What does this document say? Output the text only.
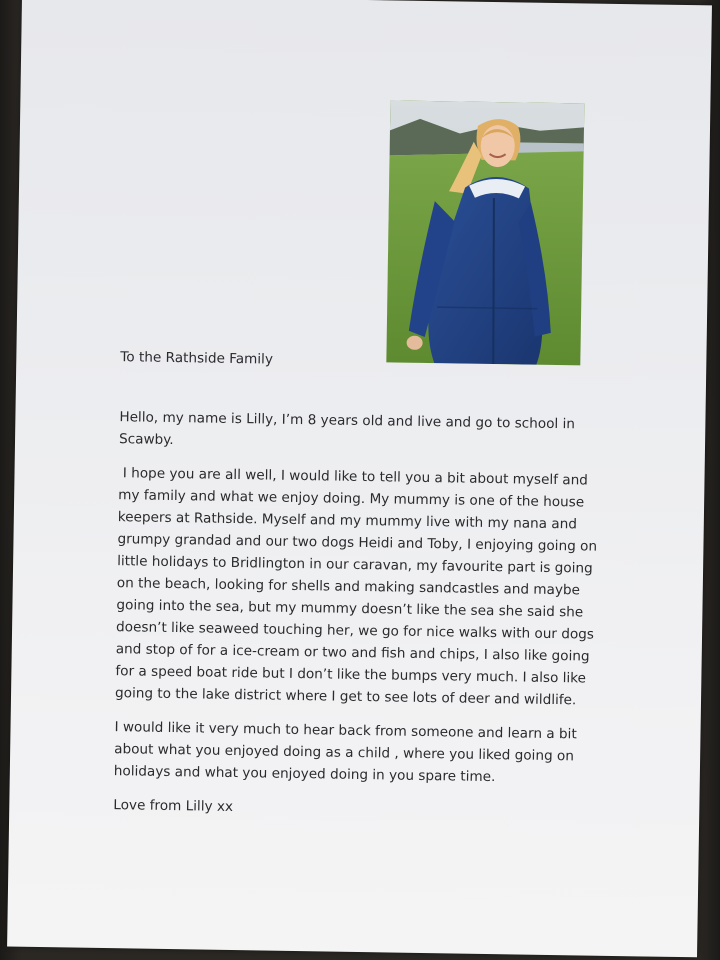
To the Rathside Family

Hello, my name is Lilly, I’m 8 years old and live and go to school in Scawby.

I hope you are all well, I would like to tell you a bit about myself and my family and what we enjoy doing. My mummy is one of the house keepers at Rathside. Myself and my mummy live with my nana and grumpy grandad and our two dogs Heidi and Toby, I enjoying going on little holidays to Bridlington in our caravan, my favourite part is going on the beach, looking for shells and making sandcastles and maybe going into the sea, but my mummy doesn’t like the sea she said she doesn’t like seaweed touching her, we go for nice walks with our dogs and stop of for a ice-cream or two and fish and chips, I also like going for a speed boat ride but I don’t like the bumps very much. I also like going to the lake district where I get to see lots of deer and wildlife.

I would like it very much to hear back from someone and learn a bit about what you enjoyed doing as a child , where you liked going on holidays and what you enjoyed doing in you spare time.

Love from Lilly xx
